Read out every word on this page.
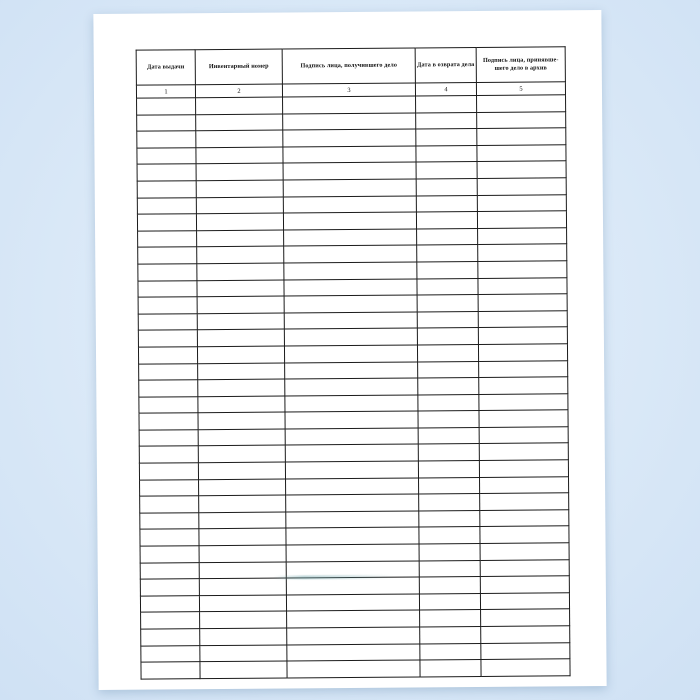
Дата выдачи	Инвентарный номер	Подпись лица, получившего дело	Дата в озврата дела	Подпись лица, принявше- шего дело в архив
1	2	3	4	5
